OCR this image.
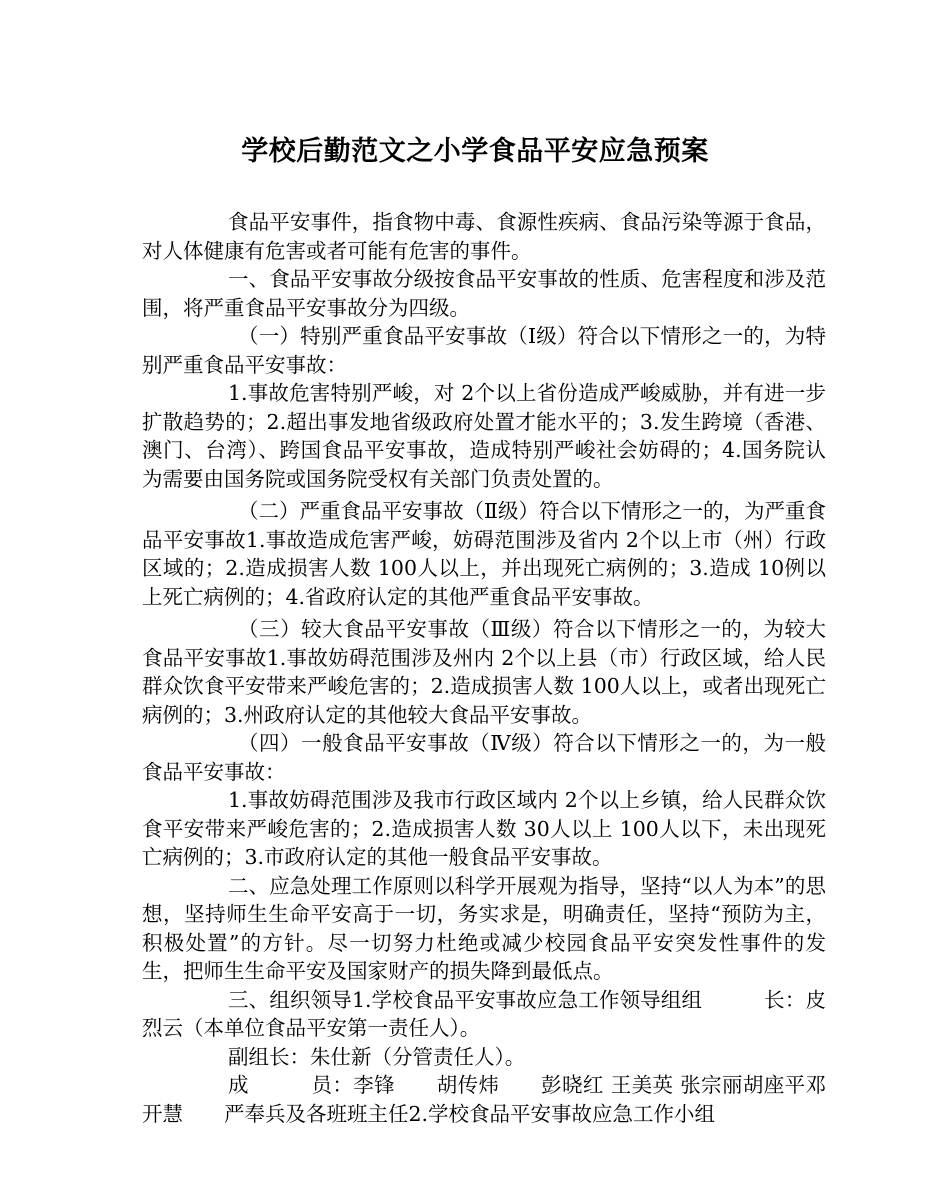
学校后勤范文之小学食品平安应急预案

食品平安事件，指食物中毒、食源性疾病、食品污染等源于食品，对人体健康有危害或者可能有危害的事件。

一、食品平安事故分级按食品平安事故的性质、危害程度和涉及范围，将严重食品平安事故分为四级。

（一）特别严重食品平安事故（Ⅰ级）符合以下情形之一的，为特别严重食品平安事故：

1.事故危害特别严峻，对 2个以上省份造成严峻威胁，并有进一步扩散趋势的；2.超出事发地省级政府处置才能水平的；3.发生跨境（香港、澳门、台湾）、跨国食品平安事故，造成特别严峻社会妨碍的；4.国务院认为需要由国务院或国务院受权有关部门负责处置的。

（二）严重食品平安事故（Ⅱ级）符合以下情形之一的，为严重食品平安事故1.事故造成危害严峻，妨碍范围涉及省内 2个以上市（州）行政区域的；2.造成损害人数 100人以上，并出现死亡病例的；3.造成 10例以上死亡病例的；4.省政府认定的其他严重食品平安事故。

（三）较大食品平安事故（Ⅲ级）符合以下情形之一的，为较大食品平安事故1.事故妨碍范围涉及州内 2个以上县（市）行政区域，给人民群众饮食平安带来严峻危害的；2.造成损害人数 100人以上，或者出现死亡病例的；3.州政府认定的其他较大食品平安事故。

（四）一般食品平安事故（Ⅳ级）符合以下情形之一的，为一般食品平安事故：

1.事故妨碍范围涉及我市行政区域内 2个以上乡镇，给人民群众饮食平安带来严峻危害的；2.造成损害人数 30人以上 100人以下，未出现死亡病例的；3.市政府认定的其他一般食品平安事故。

二、应急处理工作原则以科学开展观为指导，坚持“以人为本”的思想，坚持师生生命平安高于一切，务实求是，明确责任，坚持“预防为主，积极处置”的方针。尽一切努力杜绝或减少校园食品平安突发性事件的发生，把师生生命平安及国家财产的损失降到最低点。

三、组织领导1.学校食品平安事故应急工作领导组组　　　长：皮烈云（本单位食品平安第一责任人）。

副组长：朱仕新（分管责任人）。

成　　　员：李锋　　胡传炜　　彭晓红 王美英 张宗丽胡座平邓开慧　　严奉兵及各班班主任2.学校食品平安事故应急工作小组
